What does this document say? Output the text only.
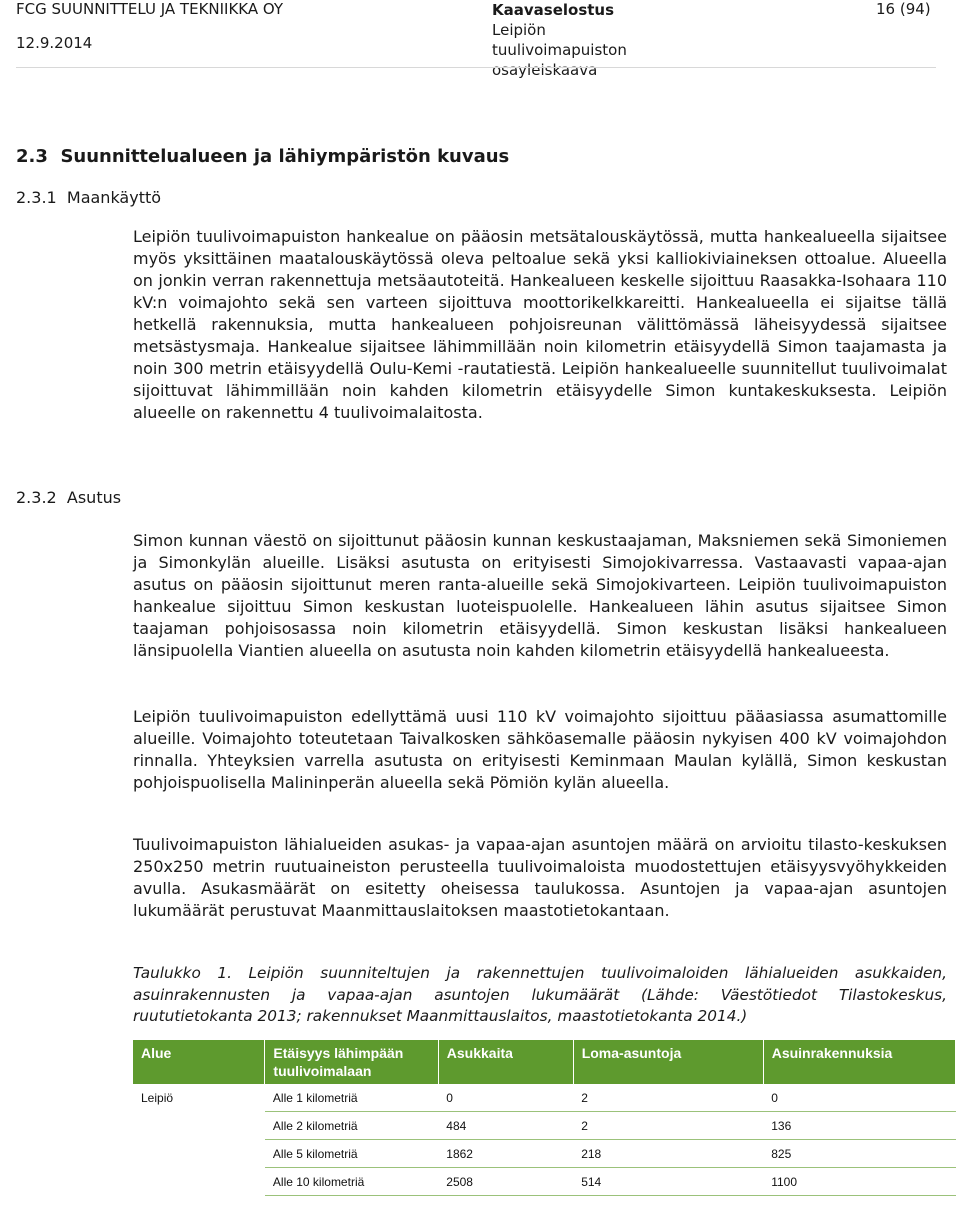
FCG SUUNNITTELU JA TEKNIIKKA OY
12.9.2014
Kaavaselostus
Leipiön
tuulivoimapuiston
osayleiskaava
16 (94)
2.3 Suunnittelualueen ja lähiympäristön kuvaus
2.3.1 Maankäyttö

Leipiön tuulivoimapuiston hankealue on pääosin metsätalouskäytössä, mutta hankealueella sijaitsee myös yksittäinen maatalouskäytössä oleva peltoalue sekä yksi kalliokiviaineksen ottoalue. Alueella on jonkin verran rakennettuja metsäautoteitä. Hankealueen keskelle sijoittuu Raasakka-Isohaara 110 kV:n voimajohto sekä sen varteen sijoittuva moottorikelkkareitti. Hankealueella ei sijaitse tällä hetkellä rakennuksia, mutta hankealueen pohjoisreunan välittömässä läheisyydessä sijaitsee metsästysmaja. Hankealue sijaitsee lähimmillään noin kilometrin etäisyydellä Simon taajamasta ja noin 300 metrin etäisyydellä Oulu-Kemi -rautatiestä. Leipiön hankealueelle suunnitellut tuulivoimalat sijoittuvat lähimmillään noin kahden kilometrin etäisyydelle Simon kuntakeskuksesta. Leipiön alueelle on rakennettu 4 tuulivoimalaitosta.

2.3.2 Asutus

Simon kunnan väestö on sijoittunut pääosin kunnan keskustaajaman, Maksniemen sekä Simoniemen ja Simonkylän alueille. Lisäksi asutusta on erityisesti Simojokivarressa. Vastaavasti vapaa-ajan asutus on pääosin sijoittunut meren ranta-alueille sekä Simojokivarteen. Leipiön tuulivoimapuiston hankealue sijoittuu Simon keskustan luoteispuolelle. Hankealueen lähin asutus sijaitsee Simon taajaman pohjoisosassa noin kilometrin etäisyydellä. Simon keskustan lisäksi hankealueen länsipuolella Viantien alueella on asutusta noin kahden kilometrin etäisyydellä hankealueesta.

Leipiön tuulivoimapuiston edellyttämä uusi 110 kV voimajohto sijoittuu pääasiassa asumattomille alueille. Voimajohto toteutetaan Taivalkosken sähköasemalle pääosin nykyisen 400 kV voimajohdon rinnalla. Yhteyksien varrella asutusta on erityisesti Keminmaan Maulan kylällä, Simon keskustan pohjoispuolisella Malininperän alueella sekä Pömiön kylän alueella.

Tuulivoimapuiston lähialueiden asukas- ja vapaa-ajan asuntojen määrä on arvioitu tilasto-keskuksen 250x250 metrin ruutuaineiston perusteella tuulivoimaloista muodostettujen etäisyysvyöhykkeiden avulla. Asukasmäärät on esitetty oheisessa taulukossa. Asuntojen ja vapaa-ajan asuntojen lukumäärät perustuvat Maanmittauslaitoksen maastotietokantaan.

Taulukko 1. Leipiön suunniteltujen ja rakennettujen tuulivoimaloiden lähialueiden asukkaiden, asuinrakennusten ja vapaa-ajan asuntojen lukumäärät (Lähde: Väestötiedot Tilastokeskus, ruututietokanta 2013; rakennukset Maanmittauslaitos, maastotietokanta 2014.)

Alue	Etäisyys lähimpään tuulivoimalaan	Asukkaita	Loma-asuntoja	Asuinrakennuksia
Leipiö	Alle 1 kilometriä	0	2	0
	Alle 2 kilometriä	484	2	136
	Alle 5 kilometriä	1862	218	825
	Alle 10 kilometriä	2508	514	1100
